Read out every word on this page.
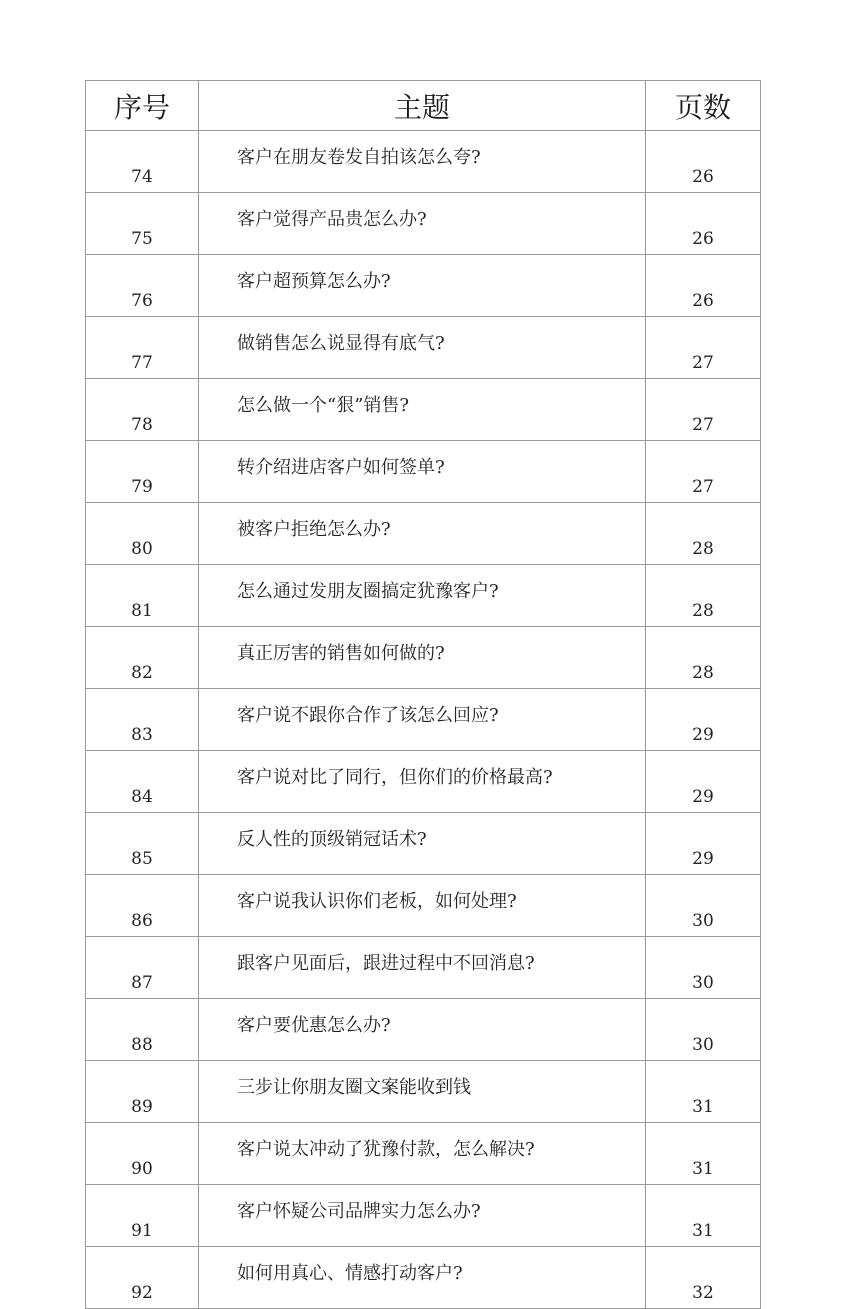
序号	主题	页数
74	客户在朋友卷发自拍该怎么夸?	26
75	客户觉得产品贵怎么办?	26
76	客户超预算怎么办?	26
77	做销售怎么说显得有底气?	27
78	怎么做一个“狠”销售?	27
79	转介绍进店客户如何签单?	27
80	被客户拒绝怎么办?	28
81	怎么通过发朋友圈搞定犹豫客户?	28
82	真正厉害的销售如何做的?	28
83	客户说不跟你合作了该怎么回应?	29
84	客户说对比了同行，但你们的价格最高?	29
85	反人性的顶级销冠话术?	29
86	客户说我认识你们老板，如何处理?	30
87	跟客户见面后，跟进过程中不回消息?	30
88	客户要优惠怎么办?	30
89	三步让你朋友圈文案能收到钱	31
90	客户说太冲动了犹豫付款，怎么解决?	31
91	客户怀疑公司品牌实力怎么办?	31
92	如何用真心、情感打动客户?	32
